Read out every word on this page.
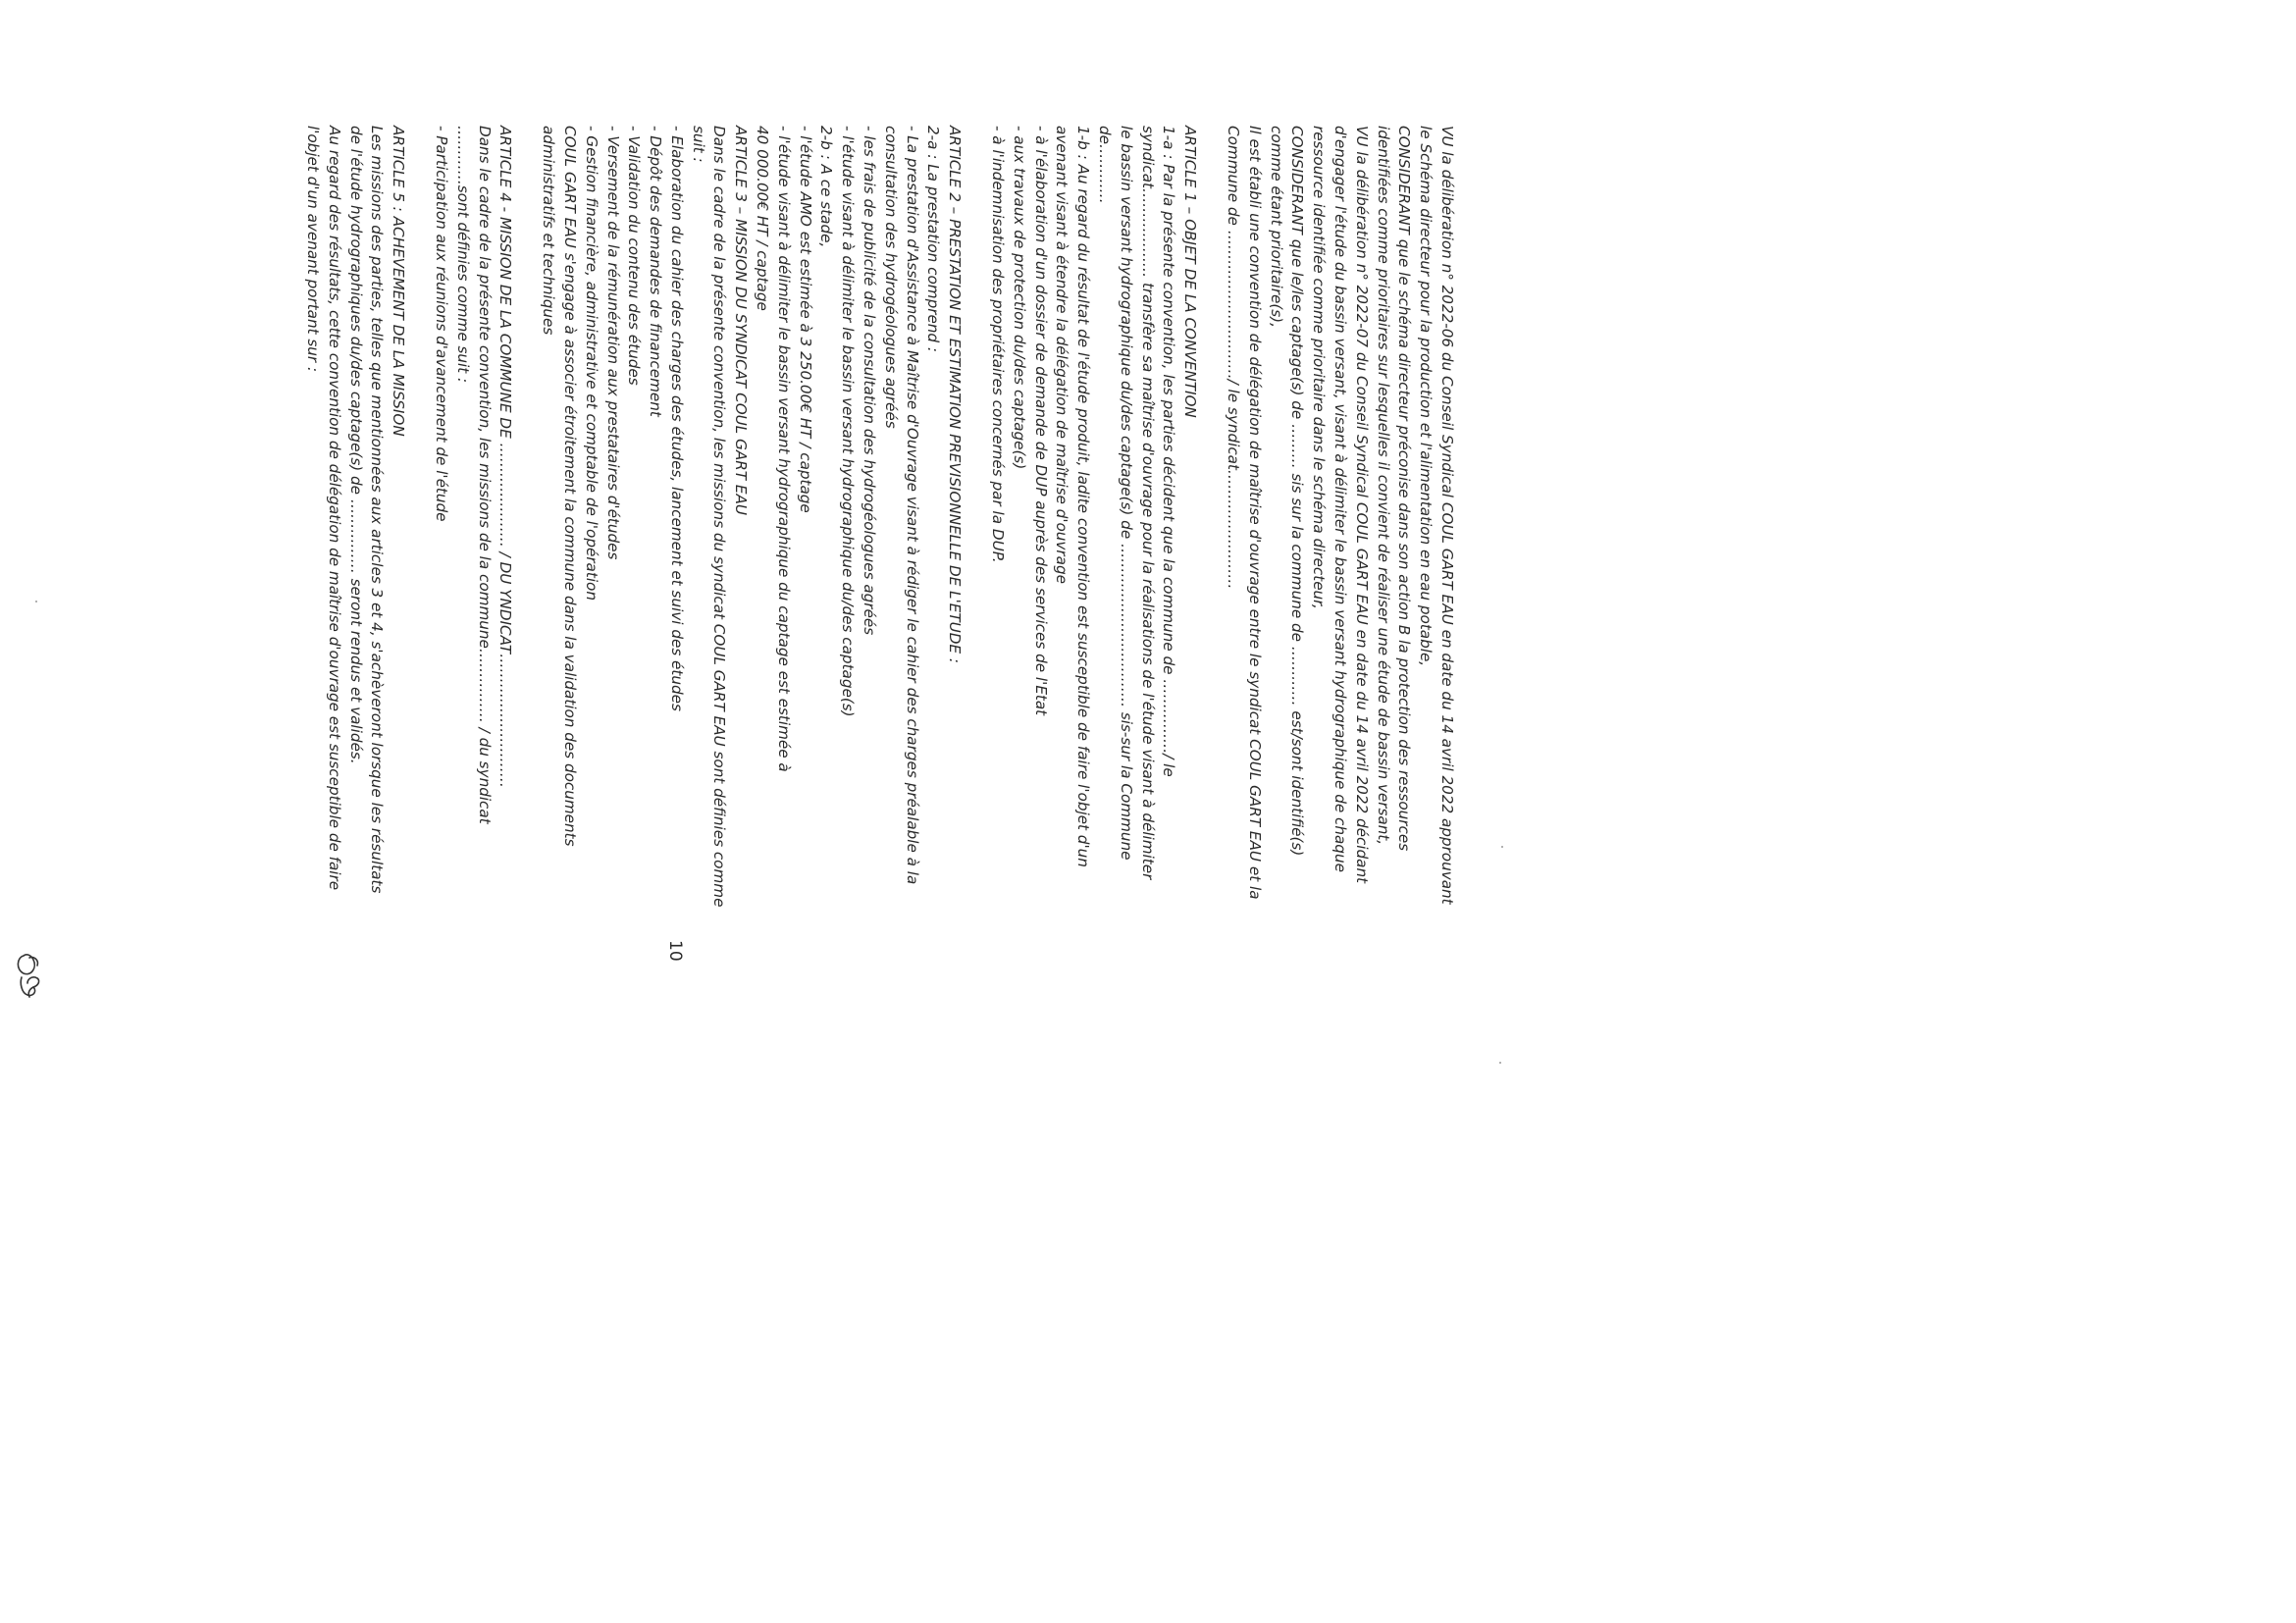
VU la délibération n° 2022-06 du Conseil Syndical COUL GART EAU en date du 14 avril 2022 approuvant
le Schéma directeur pour la production et l'alimentation en eau potable,
CONSIDERANT que le schéma directeur préconise dans son action B la protection des ressources
identifiées comme prioritaires sur lesquelles il convient de réaliser une étude de bassin versant,
VU la délibération n° 2022-07 du Conseil Syndical COUL GART EAU en date du 14 avril 2022 décidant
d'engager l'étude du bassin versant, visant à délimiter le bassin versant hydrographique de chaque
ressource identifiée comme prioritaire dans le schéma directeur,
CONSIDERANT que le/les captage(s) de ……… sis sur la commune de ………… est/sont identifié(s)
comme étant prioritaire(s),
Il est établi une convention de délégation de maîtrise d'ouvrage entre le syndicat COUL GART EAU et la
Commune de …………………………/ le syndicat……………………
ARTICLE 1 – OBJET DE LA CONVENTION
1-a : Par la présente convention, les parties décident que la commune de ……………/ le
syndicat……………… transfère sa maîtrise d'ouvrage pour la réalisations de l'étude visant à délimiter
le bassin versant hydrographique du/des captage(s) de …………………………… sis-sur la Commune
de…………
1-b : Au regard du résultat de l'étude produit, ladite convention est susceptible de faire l'objet d'un
avenant visant à étendre la délégation de maîtrise d'ouvrage
- à l'élaboration d'un dossier de demande de DUP auprès des services de l'Etat
- aux travaux de protection du/des captage(s)
- à l'indemnisation des propriétaires concernés par la DUP.
ARTICLE 2 – PRESTATION ET ESTIMATION PREVISIONNELLE DE L'ETUDE :
2-a : La prestation comprend :
- La prestation d'Assistance à Maîtrise d'Ouvrage visant à rédiger le cahier des charges préalable à la
consultation des hydrogéologues agréés
- les frais de publicité de la consultation des hydrogéologues agréés
- l'étude visant à délimiter le bassin versant hydrographique du/des captage(s)
2-b : A ce stade,
- l'étude AMO est estimée à 3 250.00€ HT / captage
- l'étude visant à délimiter le bassin versant hydrographique du captage est estimée à
40 000.00€ HT / captage
ARTICLE 3 – MISSION DU SYNDICAT COUL GART EAU
Dans le cadre de la présente convention, les missions du syndicat COUL GART EAU sont définies comme
suit :
- Elaboration du cahier des charges des études, lancement et suivi des études
- Dépôt des demandes de financement
- Validation du contenu des études
- Versement de la rémunération aux prestataires d'études
- Gestion financière, administrative et comptable de l'opération
COUL GART EAU s'engage à associer étroitement la commune dans la validation des documents
administratifs et techniques
ARTICLE 4 - MISSION DE LA COMMUNE DE ………………… / DU YNDICAT………………………
Dans le cadre de la présente convention, les missions de la commune…………… / du syndicat
…………sont définies comme suit :
- Participation aux réunions d'avancement de l'étude
ARTICLE 5 : ACHEVEMENT DE LA MISSION
Les missions des parties, telles que mentionnées aux articles 3 et 4, s'achèveront lorsque les résultats
de l'étude hydrographiques du/des captage(s) de …………… seront rendus et validés.
Au regard des résultats, cette convention de délégation de maîtrise d'ouvrage est susceptible de faire
l'objet d'un avenant portant sur :
10
